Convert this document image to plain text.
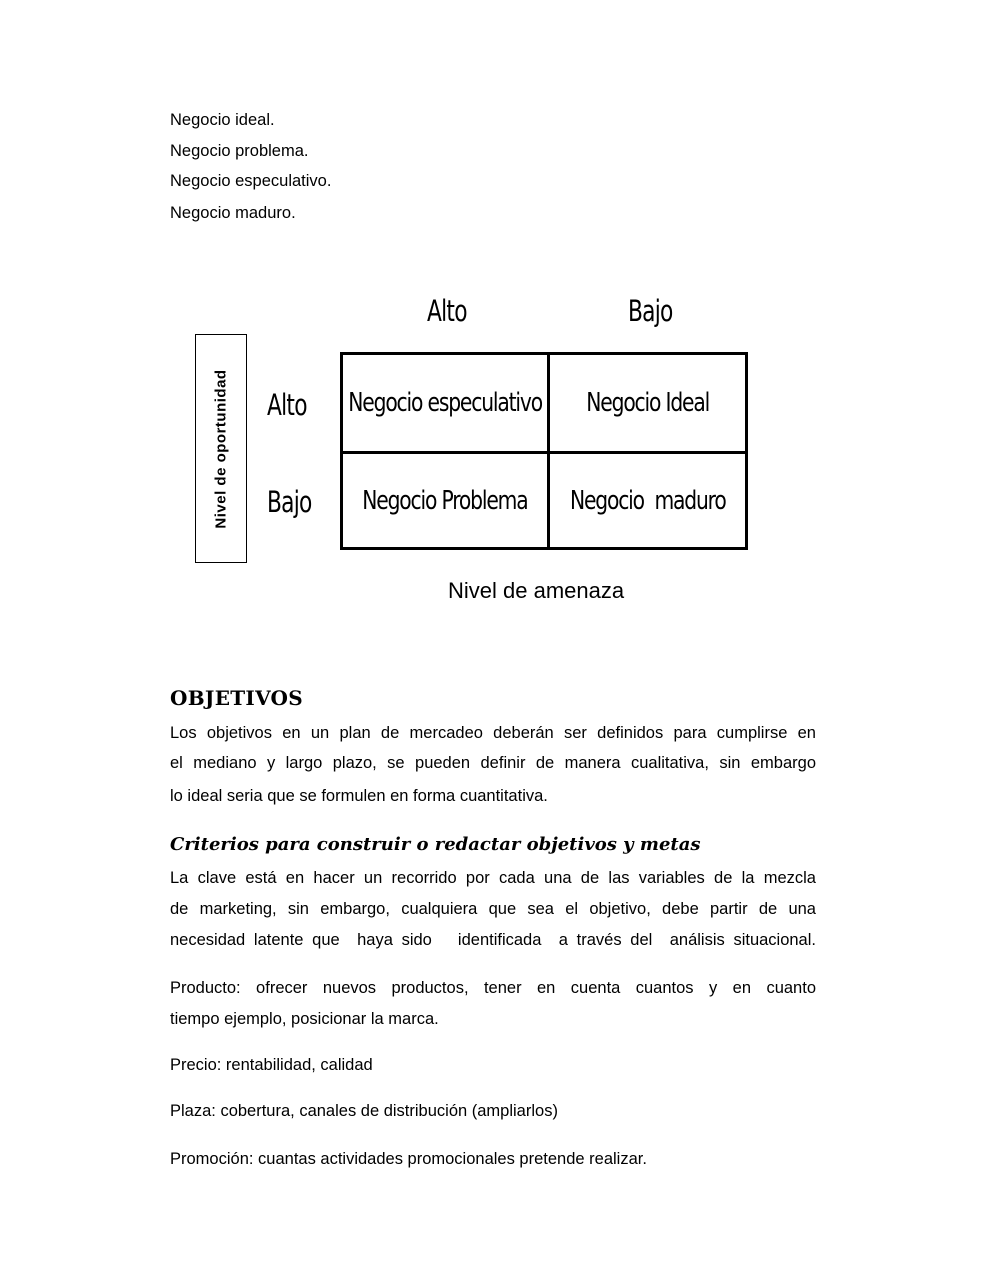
Negocio ideal.
Negocio problema.
Negocio especulativo.
Negocio maduro.
Alto	Bajo
Nivel de oportunidad Alto
Bajo
Negocio especulativo Negocio Ideal
Negocio Problema Negocio  maduro
Nivel de amenaza
OBJETIVOS
Los objetivos en un plan de mercadeo deberán ser definidos para cumplirse en
el mediano y largo plazo, se pueden definir de manera cualitativa, sin embargo
lo ideal seria que se formulen en forma cuantitativa.
Criterios para construir o redactar objetivos y metas
La clave está en hacer un recorrido por cada una de las variables de la mezcla
de marketing, sin embargo, cualquiera que sea el objetivo, debe partir de una
necesidad latente que  haya sido   identificada  a través del  análisis situacional.
Producto: ofrecer nuevos productos, tener en cuenta cuantos y en cuanto
tiempo ejemplo, posicionar la marca.
Precio: rentabilidad, calidad
Plaza: cobertura, canales de distribución (ampliarlos)
Promoción: cuantas actividades promocionales pretende realizar.
